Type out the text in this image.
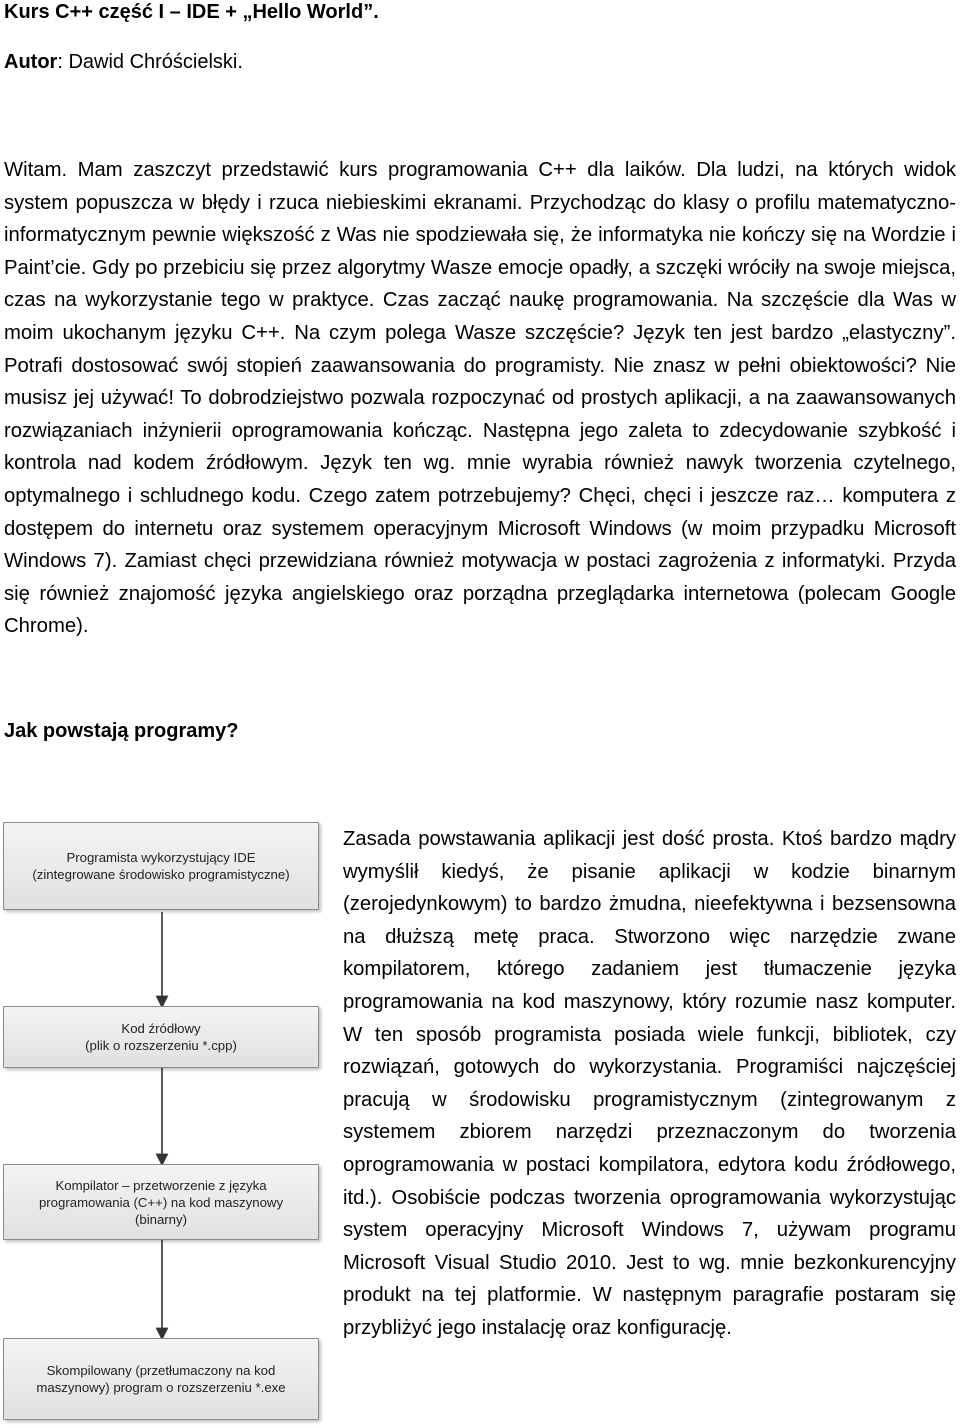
Kurs C++ część I – IDE + „Hello World”.
Autor: Dawid Chróścielski.

Witam. Mam zaszczyt przedstawić kurs programowania C++ dla laików. Dla ludzi, na których widok system popuszcza w błędy i rzuca niebieskimi ekranami. Przychodząc do klasy o profilu matematyczno-informatycznym pewnie większość z Was nie spodziewała się, że informatyka nie kończy się na Wordzie i Paint’cie. Gdy po przebiciu się przez algorytmy Wasze emocje opadły, a szczęki wróciły na swoje miejsca, czas na wykorzystanie tego w praktyce. Czas zacząć naukę programowania. Na szczęście dla Was w moim ukochanym języku C++. Na czym polega Wasze szczęście? Język ten jest bardzo „elastyczny”. Potrafi dostosować swój stopień zaawansowania do programisty. Nie znasz w pełni obiektowości? Nie musisz jej używać! To dobrodziejstwo pozwala rozpoczynać od prostych aplikacji, a na zaawansowanych rozwiązaniach inżynierii oprogramowania kończąc. Następna jego zaleta to zdecydowanie szybkość i kontrola nad kodem źródłowym. Język ten wg. mnie wyrabia również nawyk tworzenia czytelnego, optymalnego i schludnego kodu. Czego zatem potrzebujemy? Chęci, chęci i jeszcze raz… komputera z dostępem do internetu oraz systemem operacyjnym Microsoft Windows (w moim przypadku Microsoft Windows 7). Zamiast chęci przewidziana również motywacja w postaci zagrożenia z informatyki. Przyda się również znajomość języka angielskiego oraz porządna przeglądarka internetowa (polecam Google Chrome).

Jak powstają programy?
Programista wykorzystujący IDE
(zintegrowane środowisko programistyczne)
Kod źródłowy
(plik o rozszerzeniu *.cpp)
Kompilator – przetworzenie z języka
programowania (C++) na kod maszynowy
(binarny)
Skompilowany (przetłumaczony na kod
maszynowy) program o rozszerzeniu *.exe

Zasada powstawania aplikacji jest dość prosta. Ktoś bardzo mądry wymyślił kiedyś, że pisanie aplikacji w kodzie binarnym (zerojedynkowym) to bardzo żmudna, nieefektywna i bezsensowna na dłuższą metę praca. Stworzono więc narzędzie zwane kompilatorem, którego zadaniem jest tłumaczenie języka programowania na kod maszynowy, który rozumie nasz komputer. W ten sposób programista posiada wiele funkcji, bibliotek, czy rozwiązań, gotowych do wykorzystania. Programiści najczęściej pracują w środowisku programistycznym (zintegrowanym z systemem zbiorem narzędzi przeznaczonym do tworzenia oprogramowania w postaci kompilatora, edytora kodu źródłowego, itd.). Osobiście podczas tworzenia oprogramowania wykorzystując system operacyjny Microsoft Windows 7, używam programu Microsoft Visual Studio 2010. Jest to wg. mnie bezkonkurencyjny produkt na tej platformie. W następnym paragrafie postaram się przybliżyć jego instalację oraz konfigurację.
